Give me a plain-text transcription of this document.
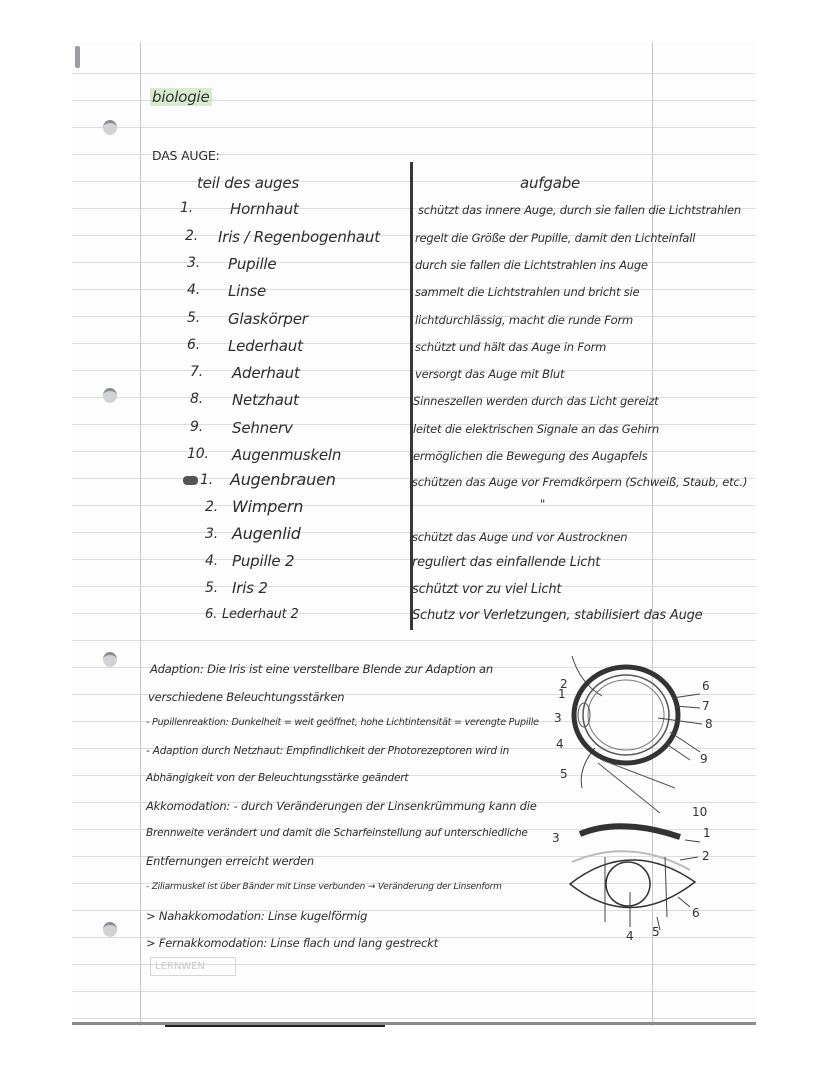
biologie
DAS AUGE:
teil des auges	aufgabe
1. Hornhaut	schützt das innere Auge, durch sie fallen die Lichtstrahlen
2. Iris / Regenbogenhaut	regelt die Größe der Pupille, damit den Lichteinfall
3. Pupille	durch sie fallen die Lichtstrahlen ins Auge
4. Linse	sammelt die Lichtstrahlen und bricht sie
5. Glaskörper	lichtdurchlässig, macht die runde Form
6. Lederhaut	schützt und hält das Auge in Form
7. Aderhaut	versorgt das Auge mit Blut
8. Netzhaut	Sinneszellen werden durch das Licht gereizt
9. Sehnerv	leitet die elektrischen Signale an das Gehirn
10. Augenmuskeln	ermöglichen die Bewegung des Augapfels
1. Augenbrauen	schützen das Auge vor Fremdkörpern (Schweiß, Staub, etc.)
2. Wimpern	"
3. Augenlid	schützt das Auge und vor Austrocknen
4. Pupille 2	reguliert das einfallende Licht
5. Iris 2	schützt vor zu viel Licht
6. Lederhaut 2	Schutz vor Verletzungen, stabilisiert das Auge
Adaption: Die Iris ist eine verstellbare Blende zur Adaption an
verschiedene Beleuchtungsstärken
- Pupillenreaktion: Dunkelheit = weit geöffnet, hohe Lichtintensität = verengte Pupille
- Adaption durch Netzhaut: Empfindlichkeit der Photorezeptoren wird in
Abhängigkeit von der Beleuchtungsstärke geändert
Akkomodation: - durch Veränderungen der Linsenkrümmung kann die
Brennweite verändert und damit die Scharfeinstellung auf unterschiedliche
Entfernungen erreicht werden
- Ziliarmuskel ist über Bänder mit Linse verbunden → Veränderung der Linsenform
> Nahakkomodation: Linse kugelförmig
> Fernakkomodation: Linse flach und lang gestreckt
1
2
3
4
5
6
7
8
9
10
1
2
3
4 5
6
LERNWEN
